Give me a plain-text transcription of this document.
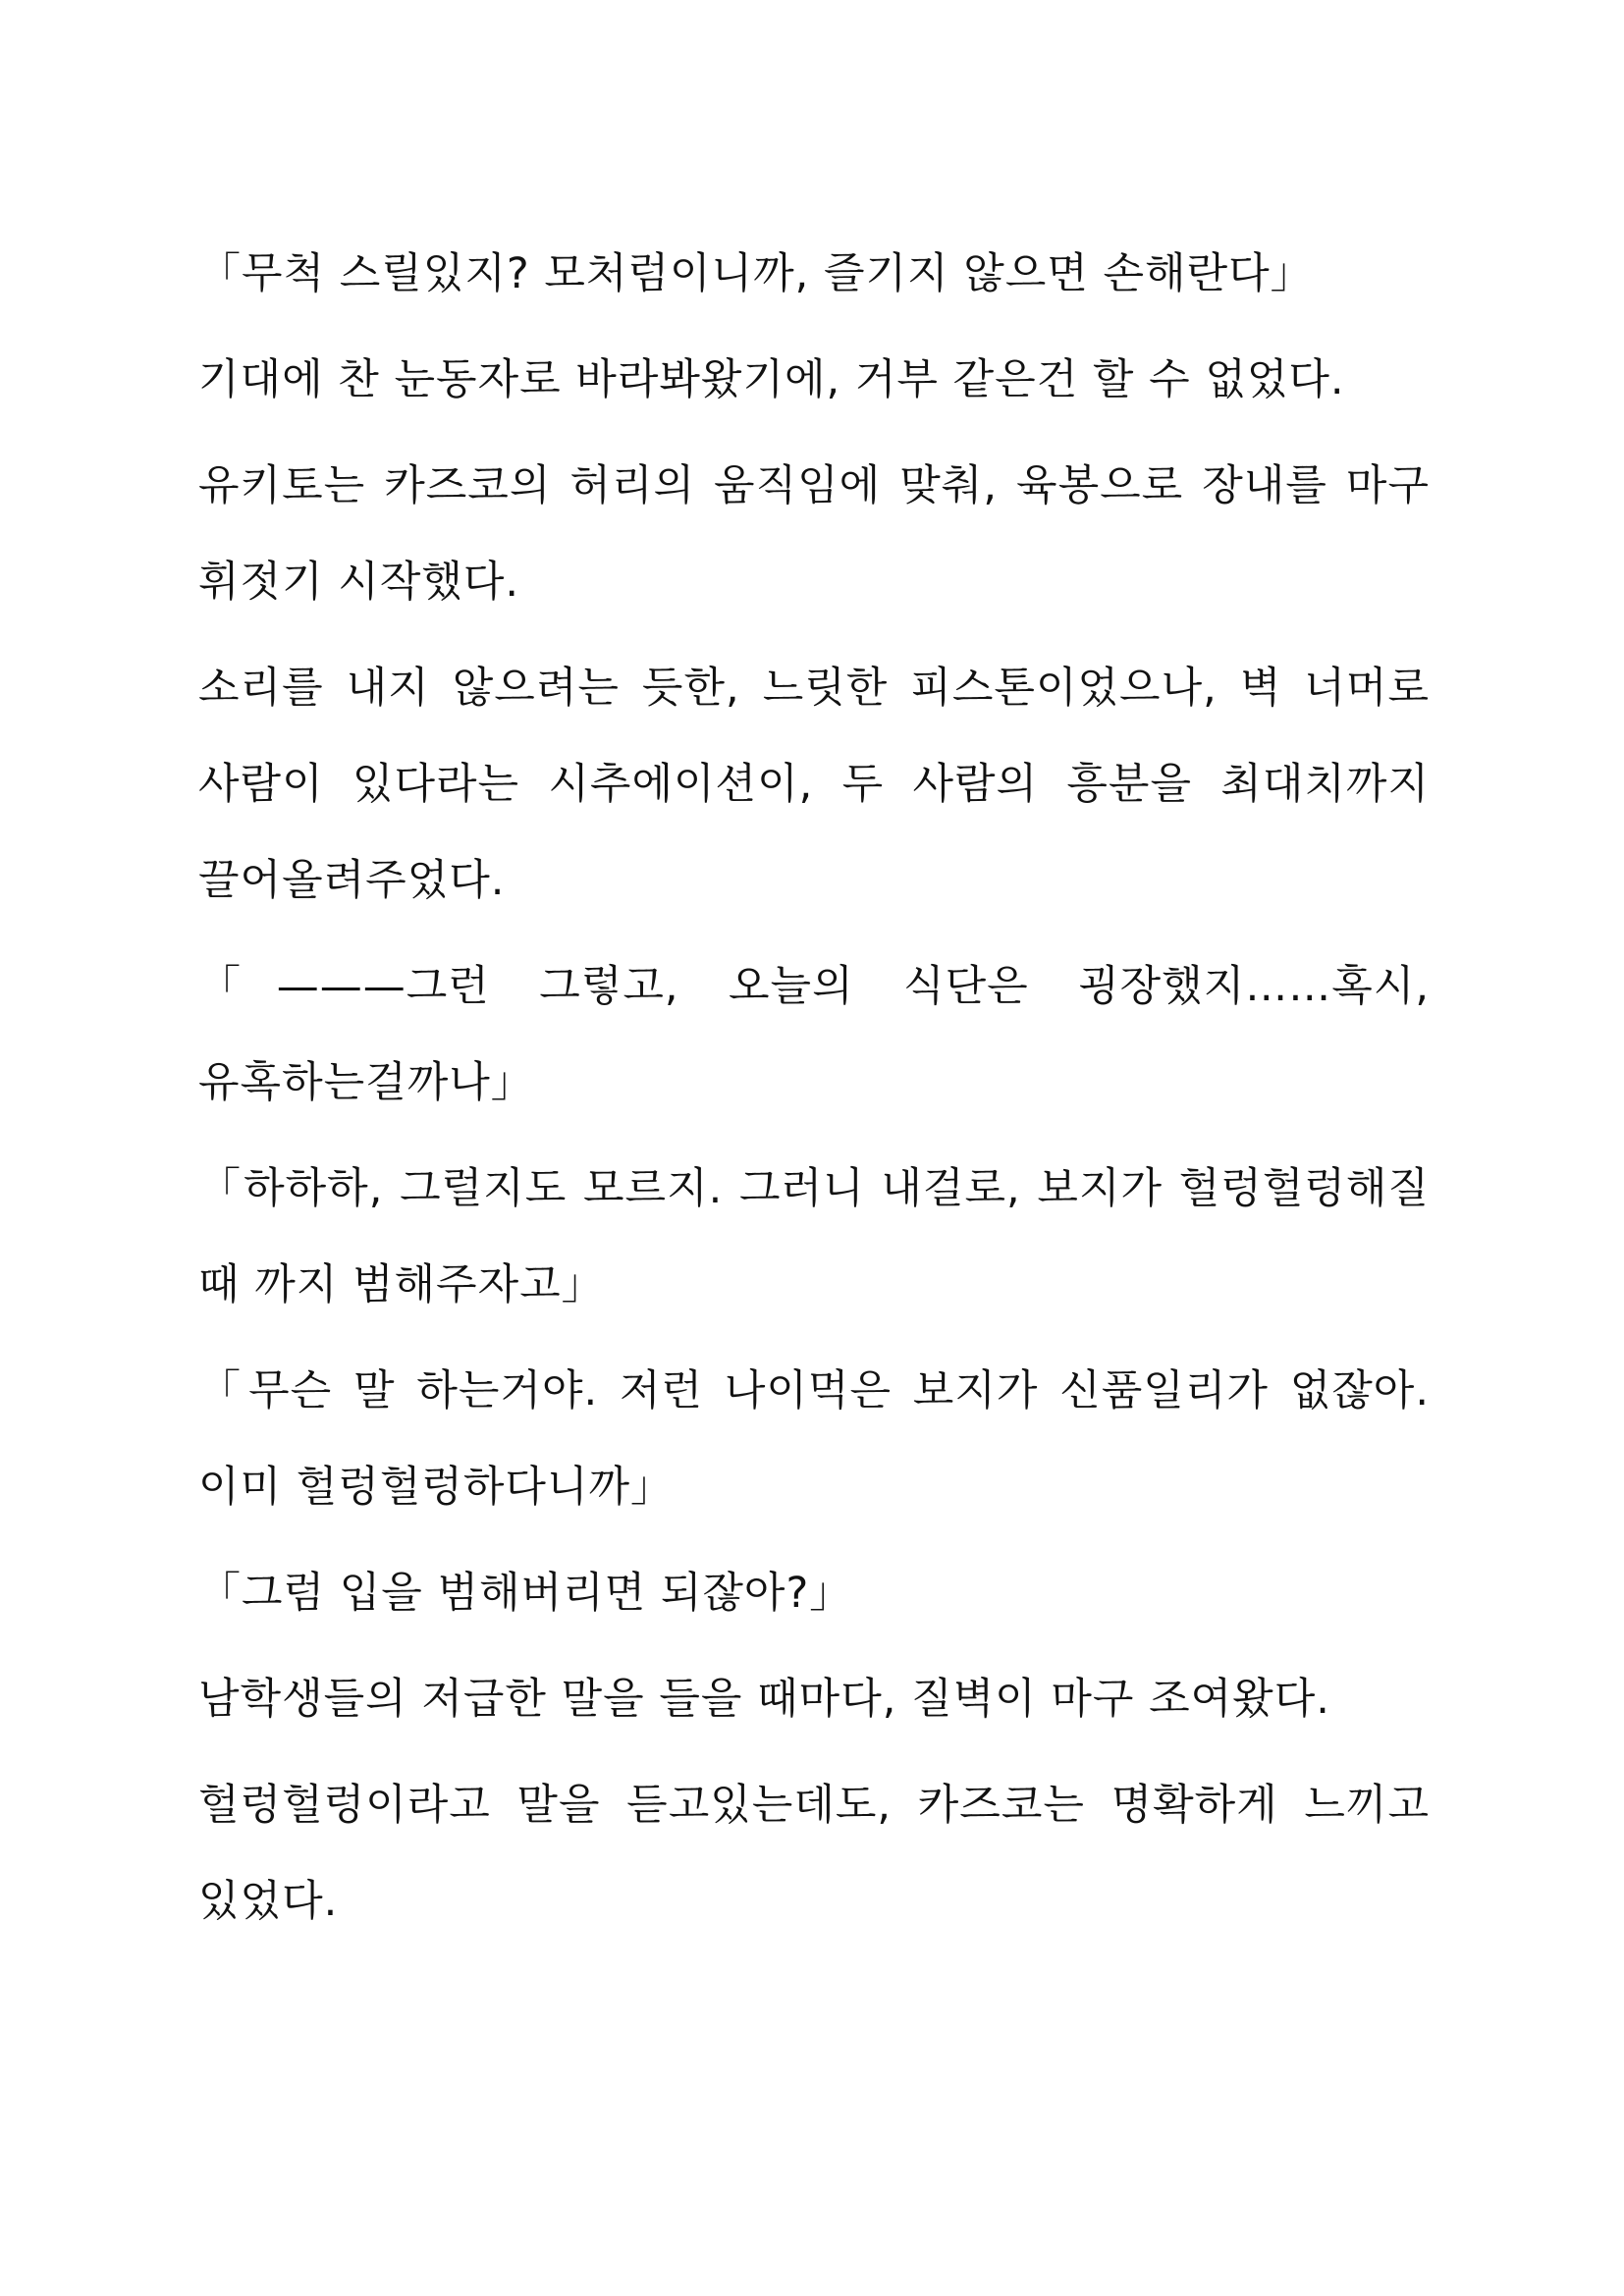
「무척 스릴있지? 모처럼이니까, 즐기지 않으면 손해란다」

기대에 찬 눈동자로 바라봐왔기에, 거부 같은건 할 수 없었다.

유키토는 카즈코의 허리의 움직임에 맞춰, 육봉으로 장내를 마구 휘젓기 시작했다.

소리를 내지 않으려는 듯한, 느릿한 피스톤이었으나, 벽 너머로 사람이 있다라는 시추에이션이, 두 사람의 흥분을 최대치까지 끌어올려주었다.

「———그런 그렇고, 오늘의 식단은 굉장했지……혹시, 유혹하는걸까나」

「하하하, 그럴지도 모르지. 그러니 내걸로, 보지가 헐렁헐렁해질 때 까지 범해주자고」

「무슨 말 하는거야. 저런 나이먹은 보지가 신품일리가 없잖아. 이미 헐렁헐렁하다니까」

「그럼 입을 범해버리면 되잖아?」

남학생들의 저급한 말을 들을 때마다, 질벽이 마구 조여왔다.

헐렁헐렁이라고 말을 듣고있는데도, 카즈코는 명확하게 느끼고 있었다.
